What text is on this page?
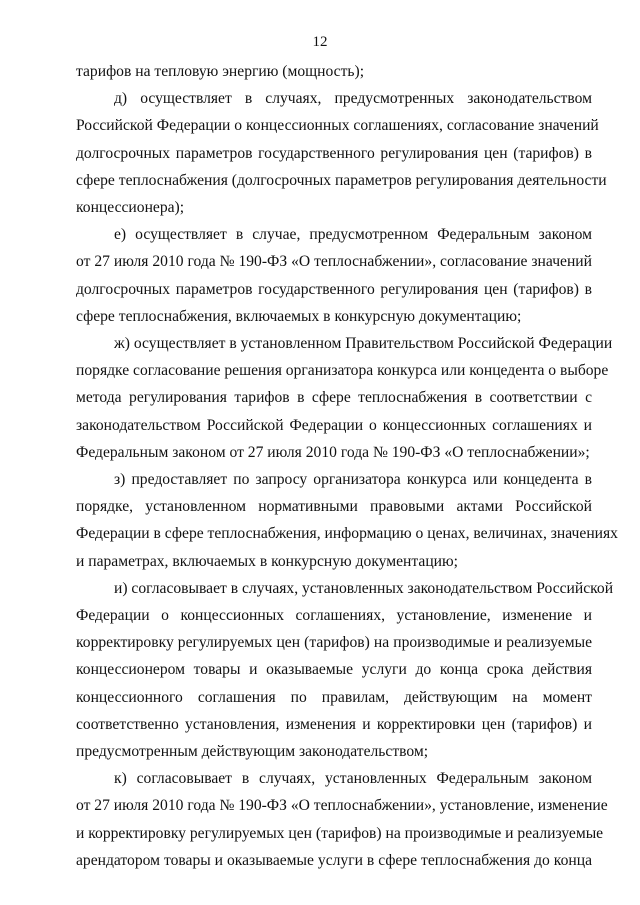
12
тарифов на тепловую энергию (мощность);
д) осуществляет в случаях, предусмотренных законодательством
Российской Федерации о концессионных соглашениях, согласование значений
долгосрочных параметров государственного регулирования цен (тарифов) в
сфере теплоснабжения (долгосрочных параметров регулирования деятельности
концессионера);
е) осуществляет в случае, предусмотренном Федеральным законом
от 27 июля 2010 года № 190-ФЗ «О теплоснабжении», согласование значений
долгосрочных параметров государственного регулирования цен (тарифов) в
сфере теплоснабжения, включаемых в конкурсную документацию;
ж) осуществляет в установленном Правительством Российской Федерации
порядке согласование решения организатора конкурса или концедента о выборе
метода регулирования тарифов в сфере теплоснабжения в соответствии с
законодательством Российской Федерации о концессионных соглашениях и
Федеральным законом от 27 июля 2010 года № 190-ФЗ «О теплоснабжении»;
з) предоставляет по запросу организатора конкурса или концедента в
порядке, установленном нормативными правовыми актами Российской
Федерации в сфере теплоснабжения, информацию о ценах, величинах, значениях
и параметрах, включаемых в конкурсную документацию;
и) согласовывает в случаях, установленных законодательством Российской
Федерации о концессионных соглашениях, установление, изменение и
корректировку регулируемых цен (тарифов) на производимые и реализуемые
концессионером товары и оказываемые услуги до конца срока действия
концессионного соглашения по правилам, действующим на момент
соответственно установления, изменения и корректировки цен (тарифов) и
предусмотренным действующим законодательством;
к) согласовывает в случаях, установленных Федеральным законом
от 27 июля 2010 года № 190-ФЗ «О теплоснабжении», установление, изменение
и корректировку регулируемых цен (тарифов) на производимые и реализуемые
арендатором товары и оказываемые услуги в сфере теплоснабжения до конца
